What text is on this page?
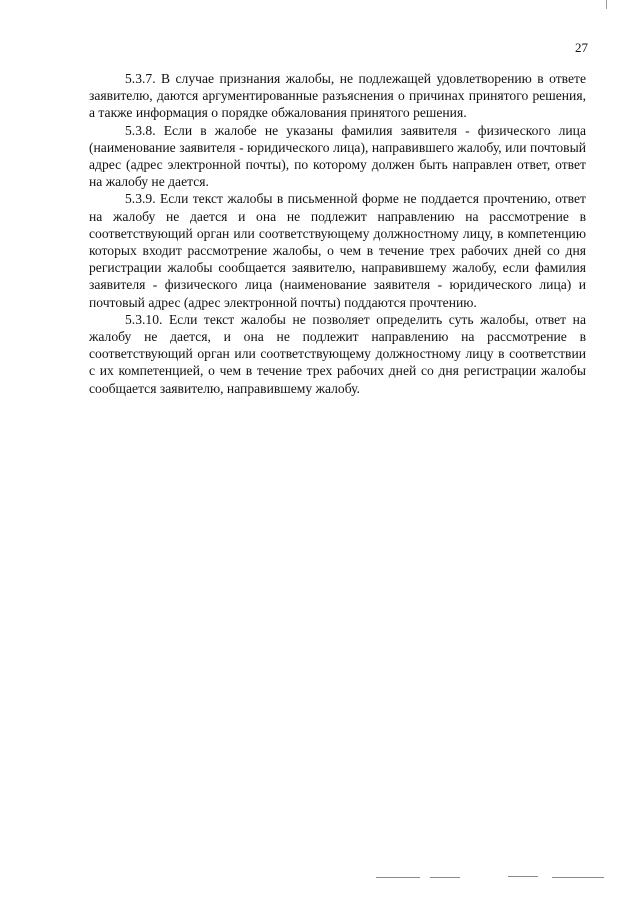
27

5.3.7. В случае признания жалобы, не подлежащей удовлетворению в ответе заявителю, даются аргументированные разъяснения о причинах принятого решения, а также информация о порядке обжалования принятого решения.

5.3.8. Если в жалобе не указаны фамилия заявителя - физического лица (наименование заявителя - юридического лица), направившего жалобу, или почтовый адрес (адрес электронной почты), по которому должен быть направлен ответ, ответ на жалобу не дается.

5.3.9. Если текст жалобы в письменной форме не поддается прочтению, ответ на жалобу не дается и она не подлежит направлению на рассмотрение в соответствующий орган или соответствующему должностному лицу, в компетенцию которых входит рассмотрение жалобы, о чем в течение трех рабочих дней со дня регистрации жалобы сообщается заявителю, направившему жалобу, если фамилия заявителя - физического лица (наименование заявителя - юридического лица) и почтовый адрес (адрес электронной почты) поддаются прочтению.

5.3.10. Если текст жалобы не позволяет определить суть жалобы, ответ на жалобу не дается, и она не подлежит направлению на рассмотрение в соответствующий орган или соответствующему должностному лицу в соответствии с их компетенцией, о чем в течение трех рабочих дней со дня регистрации жалобы сообщается заявителю, направившему жалобу.
